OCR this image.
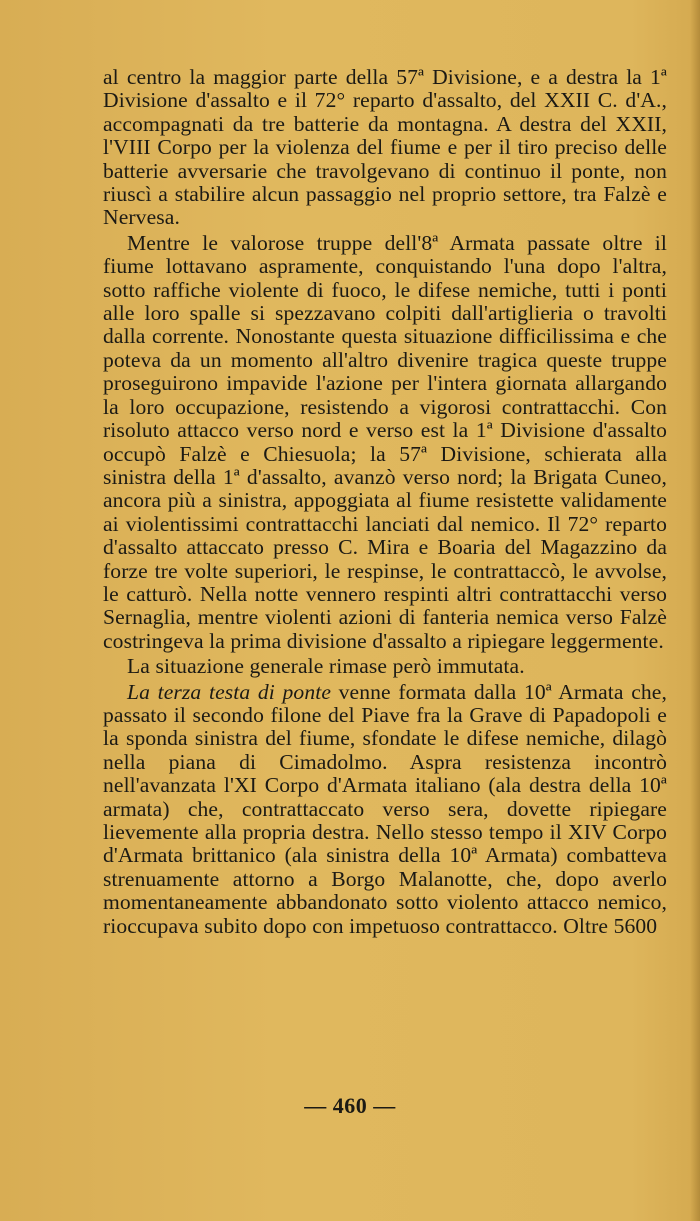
al centro la maggior parte della 57ª Divisione, e a destra la 1ª Divisione d'assalto e il 72° reparto d'assalto, del XXII C. d'A., accompagnati da tre batterie da montagna. A destra del XXII, l'VIII Corpo per la violenza del fiume e per il tiro preciso delle batterie avversarie che travolgevano di continuo il ponte, non riuscì a stabilire alcun passaggio nel proprio settore, tra Falzè e Nervesa.

Mentre le valorose truppe dell'8ª Armata passate oltre il fiume lottavano aspramente, conquistando l'una dopo l'altra, sotto raffiche violente di fuoco, le difese nemiche, tutti i ponti alle loro spalle si spezzavano colpiti dall'artiglieria o travolti dalla corrente. Nonostante questa situazione difficilissima e che poteva da un momento all'altro divenire tragica queste truppe proseguirono impavide l'azione per l'intera giornata allargando la loro occupazione, resistendo a vigorosi contrattacchi. Con risoluto attacco verso nord e verso est la 1ª Divisione d'assalto occupò Falzè e Chiesuola; la 57ª Divisione, schierata alla sinistra della 1ª d'assalto, avanzò verso nord; la Brigata Cuneo, ancora più a sinistra, appoggiata al fiume resistette validamente ai violentissimi contrattacchi lanciati dal nemico. Il 72° reparto d'assalto attaccato presso C. Mira e Boaria del Magazzino da forze tre volte superiori, le respinse, le contrattaccò, le avvolse, le catturò. Nella notte vennero respinti altri contrattacchi verso Sernaglia, mentre violenti azioni di fanteria nemica verso Falzè costringeva la prima divisione d'assalto a ripiegare leggermente.

La situazione generale rimase però immutata.

La terza testa di ponte venne formata dalla 10ª Armata che, passato il secondo filone del Piave fra la Grave di Papadopoli e la sponda sinistra del fiume, sfondate le difese nemiche, dilagò nella piana di Cimadolmo. Aspra resistenza incontrò nell'avanzata l'XI Corpo d'Armata italiano (ala destra della 10ª armata) che, contrattaccato verso sera, dovette ripiegare lievemente alla propria destra. Nello stesso tempo il XIV Corpo d'Armata brittanico (ala sinistra della 10ª Armata) combatteva strenuamente attorno a Borgo Malanotte, che, dopo averlo momentaneamente abbandonato sotto violento attacco nemico, rioccupava subito dopo con impetuoso contrattacco. Oltre 5600

— 460 —
